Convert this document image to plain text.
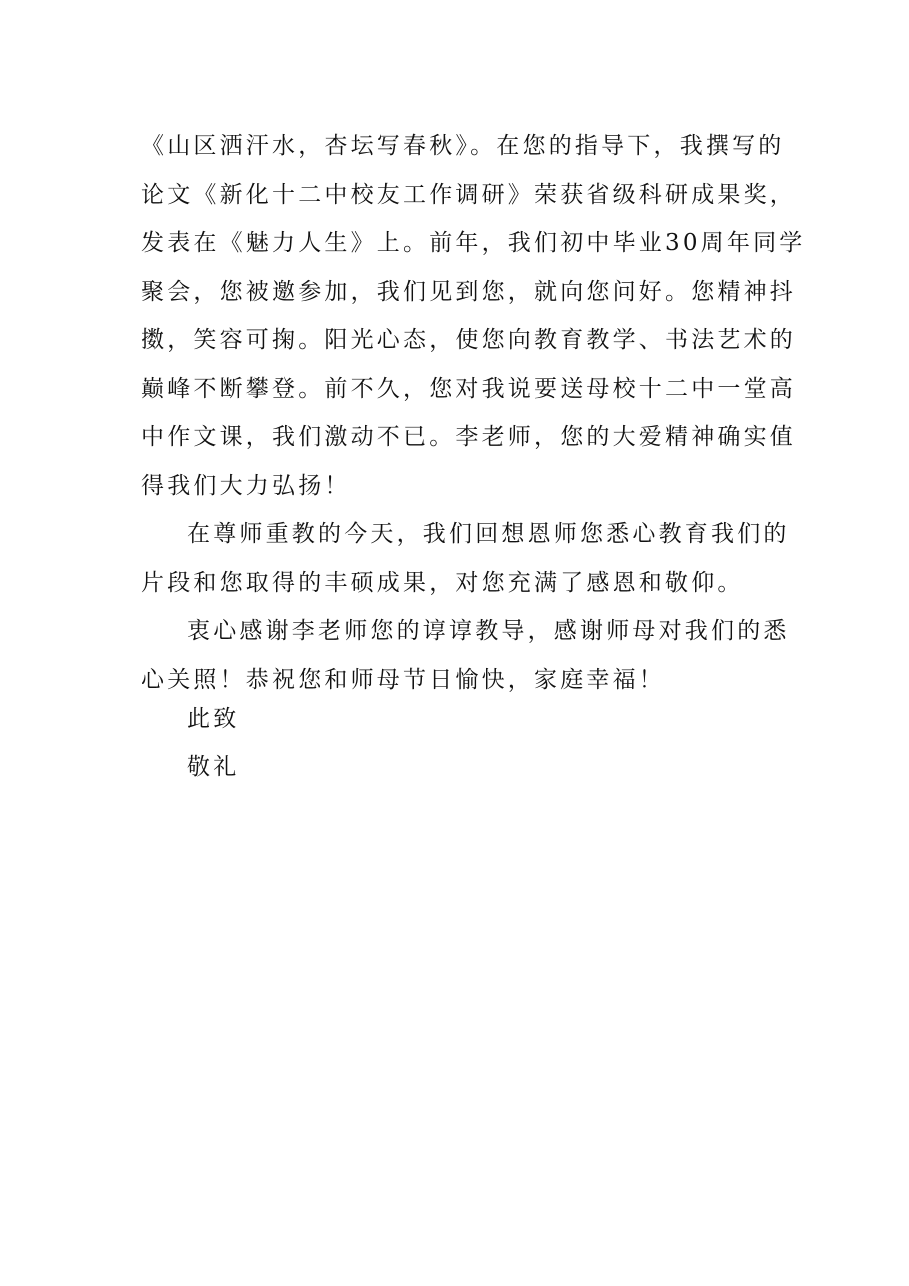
《山区洒汗水，杏坛写春秋》。在您的指导下，我撰写的
论文《新化十二中校友工作调研》荣获省级科研成果奖，
发表在《魅力人生》上。前年，我们初中毕业30周年同学
聚会，您被邀参加，我们见到您，就向您问好。您精神抖
擞，笑容可掬。阳光心态，使您向教育教学、书法艺术的
巅峰不断攀登。前不久，您对我说要送母校十二中一堂高
中作文课，我们激动不已。李老师，您的大爱精神确实值
得我们大力弘扬！
在尊师重教的今天，我们回想恩师您悉心教育我们的
片段和您取得的丰硕成果，对您充满了感恩和敬仰。
衷心感谢李老师您的谆谆教导，感谢师母对我们的悉
心关照！恭祝您和师母节日愉快，家庭幸福！
此致
敬礼
